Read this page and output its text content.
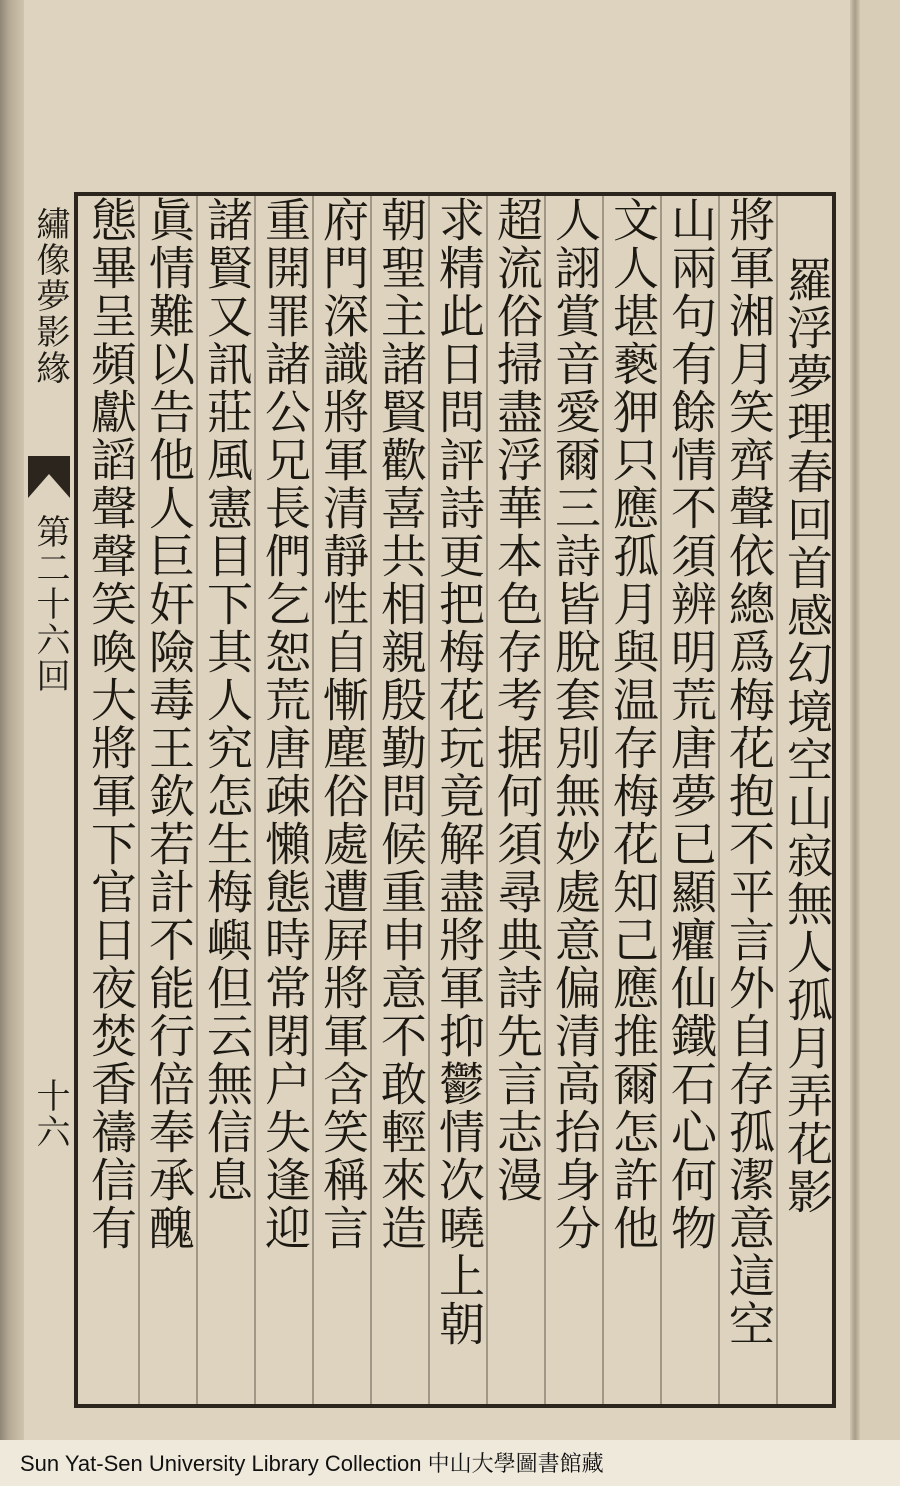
繡像夢影緣
第二十六回
十六	羅浮夢理春回首感幻境空山寂無人孤月弄花影
將軍湘月笑齊聲依總爲梅花抱不平言外自存孤潔意這空
山兩句有餘情不須辨明荒唐夢已顯癯仙鐵石心何物
文人堪褻狎只應孤月與温存梅花知己應推爾怎許他
人詡賞音愛爾三詩皆脫套別無妙處意偏清高抬身分
超流俗掃盡浮華本色存考据何須尋典詩先言志漫
求精此日問評詩更把梅花玩竟解盡將軍抑鬱情次曉上朝
朝聖主諸賢歡喜共相親殷勤問候重申意不敢輕來造
府門深識將軍清靜性自慚塵俗處遭屛將軍含笑稱言
重開罪諸公兄長們乞恕荒唐疎懶態時常閉户失逢迎
諸賢又訊莊風憲目下其人究怎生梅嶼但云無信息
眞情難以告他人巨奸險毒王欽若計不能行倍奉承醜
態畢呈頻獻謟聲聲笑喚大將軍下官日夜焚香禱信有
Sun Yat-Sen University Library Collection 中山大學圖書館藏
